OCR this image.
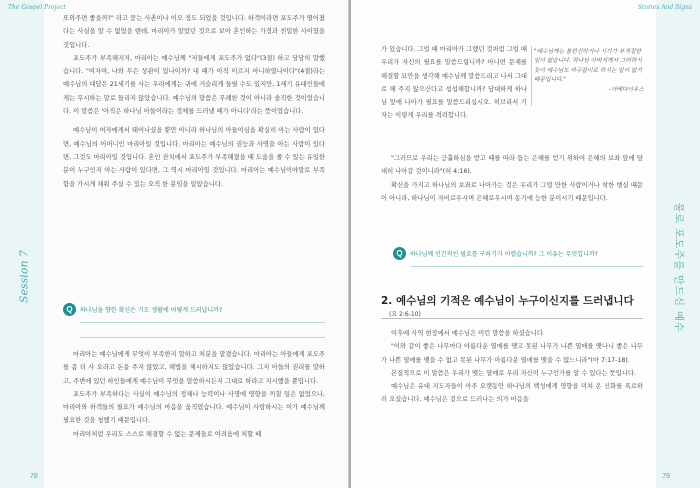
The Gospel Project
Session 7

또와주면 좋을까?" 라고 묻는 사촌이나 이모 정도 되었을 것입니다. 하객이라면 포도주가 떨어졌다는 사실을 알 수 없었을 텐데, 마리아가 알았던 것으로 보아 혼인하는 가정과 친밀한 사이였을 것입니다.

포도주가 부족해지자, 마리아는 예수님께 "저들에게 포도주가 없다"(3절) 하고 당당히 말했습니다. "여자여, 나와 무슨 상관이 있나이까? 내 때가 아직 이르지 아니하였나이다"(4절)라는 예수님의 대답은 21세기를 사는 우리에게는 귀에 거슬리게 들릴 수도 있지만, 1세기 유대인들에게는 무시하는 말로 들리지 않았습니다. 예수님의 말씀은 무례한 것이 아니라 솔직한 것이었습니다. 이 말씀은 '아직은 하나님 아들이라는 정체를 드러낼 때가 아니다'라는 뜻이었습니다.

예수님이 여자에게서 태어나셨을 뿐만 아니라 하나님의 아들이심을 확실히 아는 사람이 있다면, 예수님의 어머니인 마리아일 것입니다. 마리아는 예수님의 권능과 사명을 아는 사람이 있다면, 그것도 마리아일 것입니다. 혼인 잔치에서 포도주가 부족해졌을 때 도움을 줄 수 있는 유일한 분이 누구인지 아는 사람이 있다면, 그 역시 마리아일 것입니다. 마리아는 예수님이야말로 부족함을 가시게 채워 주실 수 있는 오직 한 분임을 알았습니다.

Q	하나님을 향한 확신은 기도 생활에 어떻게 드러납니까?

마리아는 예수님에게 무엇이 부족한지 말하고 처분을 맡겼습니다. 마리아는 아들에게 포도주를 좀 더 사 오라고 돈을 주지 않았고, 해법을 제시하지도 않았습니다. 그저 아들의 권리를 말하고, 주변에 있던 하인들에게 예수님이 무엇을 말씀하시든지 그대로 하라고 지시했을 뿐입니다.

포도주가 부족하다는 사실이 예수님의 정체나 능력이나 사명에 영향을 끼칠 일은 없었으나, 마리아와 하객들의 필요가 예수님의 마음을 움직였습니다. 예수님이 사랑하시는 이가 예수님께 필요한 것을 청했기 때문입니다.

마리아처럼 우리도 스스로 해결할 수 없는 문제들로 어려움에 처할 때

78
Stories And Signs
물로 포도주를 만드신 예수

가 있습니다. 그럴 때 마리아가 그랬던 것처럼 그럴 때 우리가 자신의 필요를 말씀드립니까? 아니면 문제를 해결할 묘안을 생각해 예수님께 말씀드리고 나서 그대로 해 주지 않으신다고 섭섭해합니까? 담대하게 하나님 앞에 나아가 필요를 말씀드리십시오. 히브리서 기자는 이렇게 우리를 격려합니다.

"예수님께는 불편진하거나 시기가 부적절한 일이 없습니다. 하나님 아버지께서 그러하시듯이 예수님도 마구잡이로 하시는 일이 없기 때문입니다."
-아베다이우스

"그러므로 우리는 긍휼하심을 받고 때를 따라 돕는 은혜를 얻기 위하여 은혜의 보좌 앞에 담대히 나아갈 것이니라"(히 4:16).

확신을 가지고 하나님의 보좌로 나아가는 것은 우리가 그럴 만한 사람이거나 착한 행실 때문이 아니라, 하나님이 자비로우시며 은혜로우시며 동기에 능한 분이시기 때문입니다.

Q	하나님께 인간적인 필요를 구하기가 어렵습니까? 그 이유는 무엇입니까?
2. 예수님의 기적은 예수님이 누구이신지를 드러냅니다
(요 2:6-10)

이후에 사역 현장에서 예수님은 이런 말씀을 하셨습니다.

"이와 같이 좋은 나무마다 아름다운 열매를 맺고 못된 나무가 나쁜 열매를 맺나니 좋은 나무가 나쁜 열매를 맺을 수 없고 못된 나무가 아름다운 열매를 맺을 수 없느니라"(마 7:17-18).

본질적으로 이 말씀은 우리가 맺는 열매로 우리 자신이 누구인가를 알 수 있다는 뜻입니다.

예수님은 유대 지도자들이 아주 오랫동안 하나님의 백성에게 영향을 미쳐 온 신화를 폭로하러 오셨습니다. 예수님은 겉으로 드러나는 의가 마음을

79
